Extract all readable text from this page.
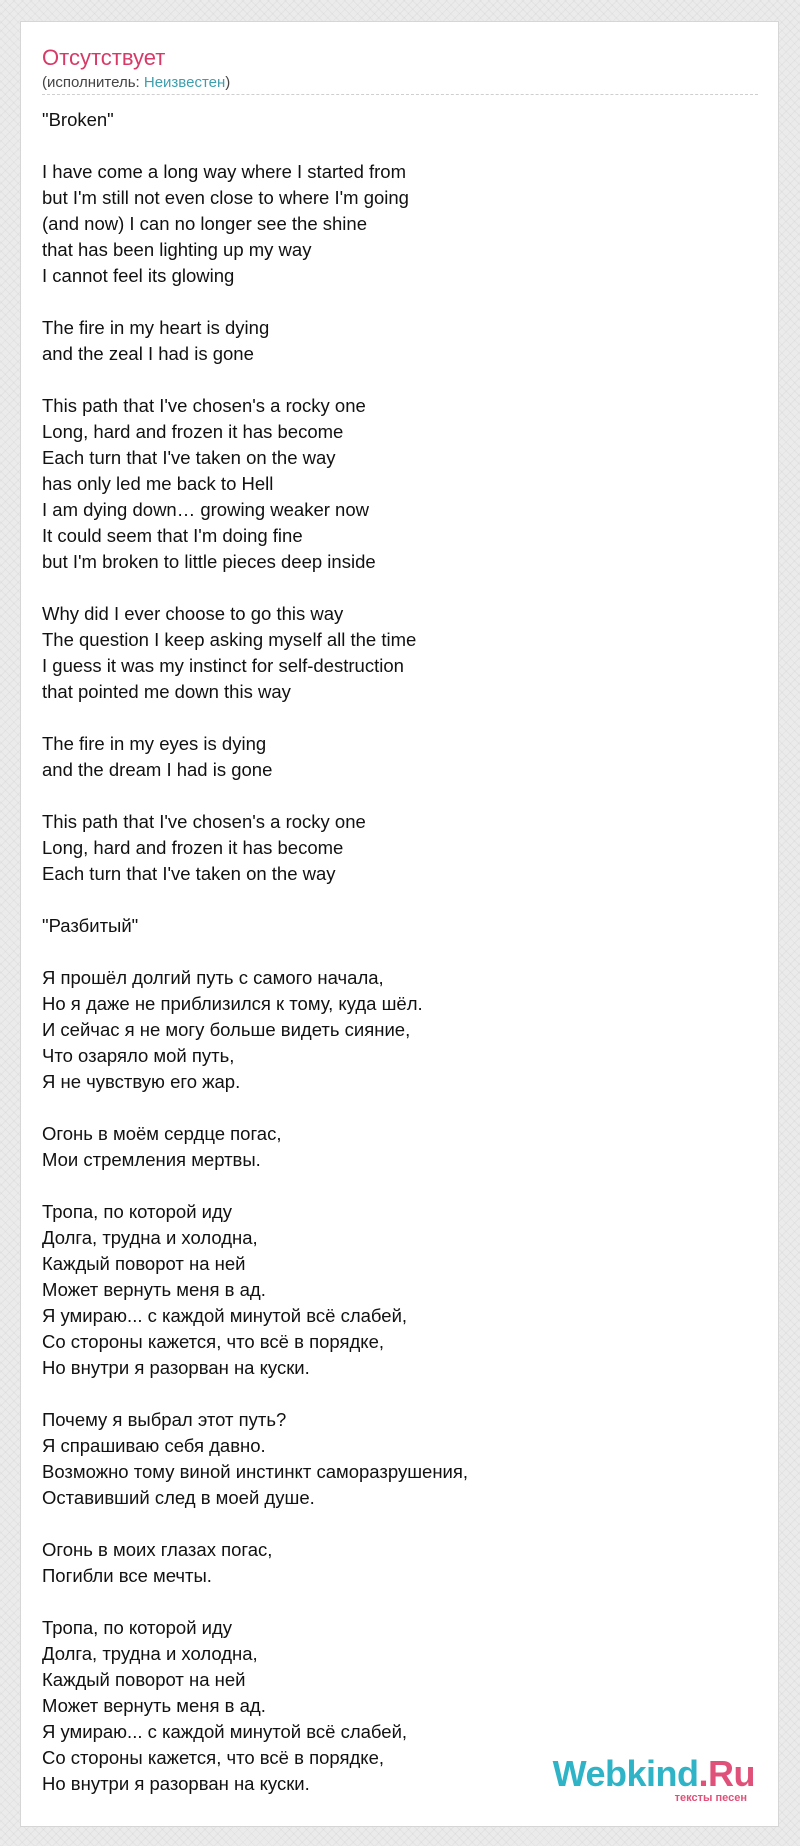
Отсутствует
(исполнитель: Неизвестен)
"Broken"

I have come a long way where I started from
but I'm still not even close to where I'm going
(and now) I can no longer see the shine
that has been lighting up my way
I cannot feel its glowing

The fire in my heart is dying
and the zeal I had is gone

This path that I've chosen's a rocky one
Long, hard and frozen it has become
Each turn that I've taken on the way
has only led me back to Hell
I am dying down… growing weaker now
It could seem that I'm doing fine
but I'm broken to little pieces deep inside

Why did I ever choose to go this way
The question I keep asking myself all the time
I guess it was my instinct for self-destruction
that pointed me down this way

The fire in my eyes is dying
and the dream I had is gone

This path that I've chosen's a rocky one
Long, hard and frozen it has become
Each turn that I've taken on the way

"Разбитый"

Я прошёл долгий путь с самого начала,
Но я даже не приблизился к тому, куда шёл.
И сейчас я не могу больше видеть сияние,
Что озаряло мой путь,
Я не чувствую его жар.

Огонь в моём сердце погас,
Мои стремления мертвы.

Тропа, по которой иду
Долга, трудна и холодна,
Каждый поворот на ней
Может вернуть меня в ад.
Я умираю... с каждой минутой всё слабей,
Со стороны кажется, что всё в порядке,
Но внутри я разорван на куски.

Почему я выбрал этот путь?
Я спрашиваю себя давно.
Возможно тому виной инстинкт саморазрушения,
Оставивший след в моей душе.

Огонь в моих глазах погас,
Погибли все мечты.

Тропа, по которой иду
Долга, трудна и холодна,
Каждый поворот на ней
Может вернуть меня в ад.
Я умираю... с каждой минутой всё слабей,
Со стороны кажется, что всё в порядке,
Но внутри я разорван на куски.	Webkind.Ru
тексты песен
